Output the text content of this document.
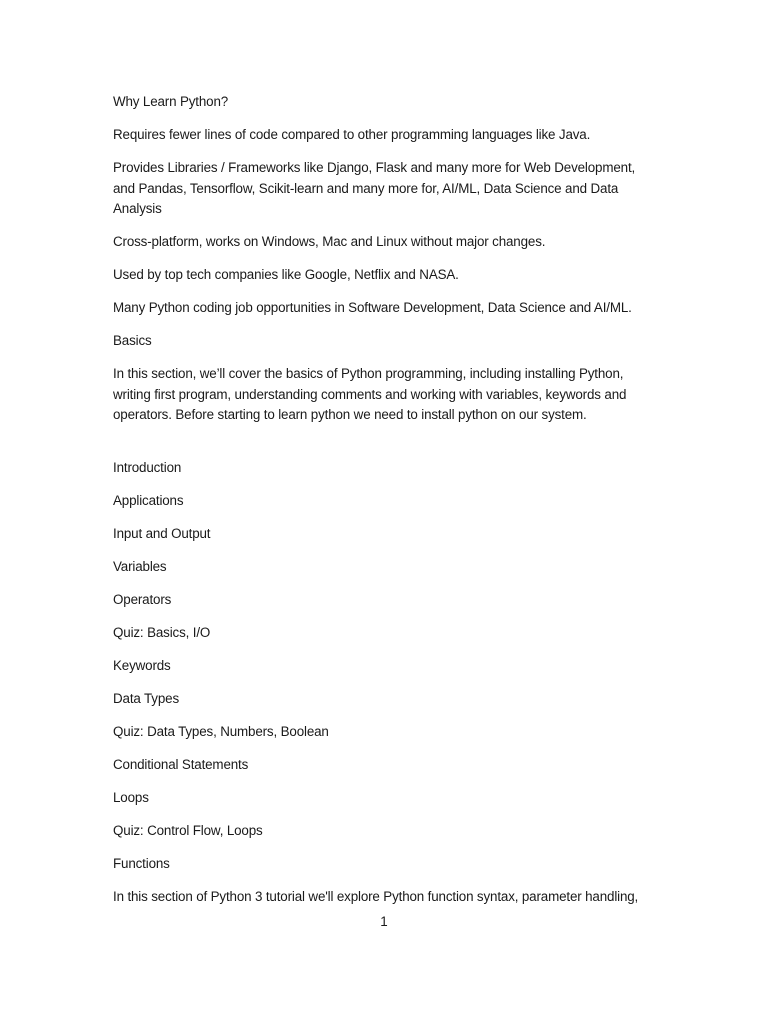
Why Learn Python?

Requires fewer lines of code compared to other programming languages like Java.

Provides Libraries / Frameworks like Django, Flask and many more for Web Development, and Pandas, Tensorflow, Scikit-learn and many more for, AI/ML, Data Science and Data Analysis

Cross-platform, works on Windows, Mac and Linux without major changes.

Used by top tech companies like Google, Netflix and NASA.

Many Python coding job opportunities in Software Development, Data Science and AI/ML.

Basics

In this section, we’ll cover the basics of Python programming, including installing Python, writing first program, understanding comments and working with variables, keywords and operators. Before starting to learn python we need to install python on our system.

Introduction

Applications

Input and Output

Variables

Operators

Quiz: Basics, I/O

Keywords

Data Types

Quiz: Data Types, Numbers, Boolean

Conditional Statements

Loops

Quiz: Control Flow, Loops

Functions

In this section of Python 3 tutorial we'll explore Python function syntax, parameter handling,

1
